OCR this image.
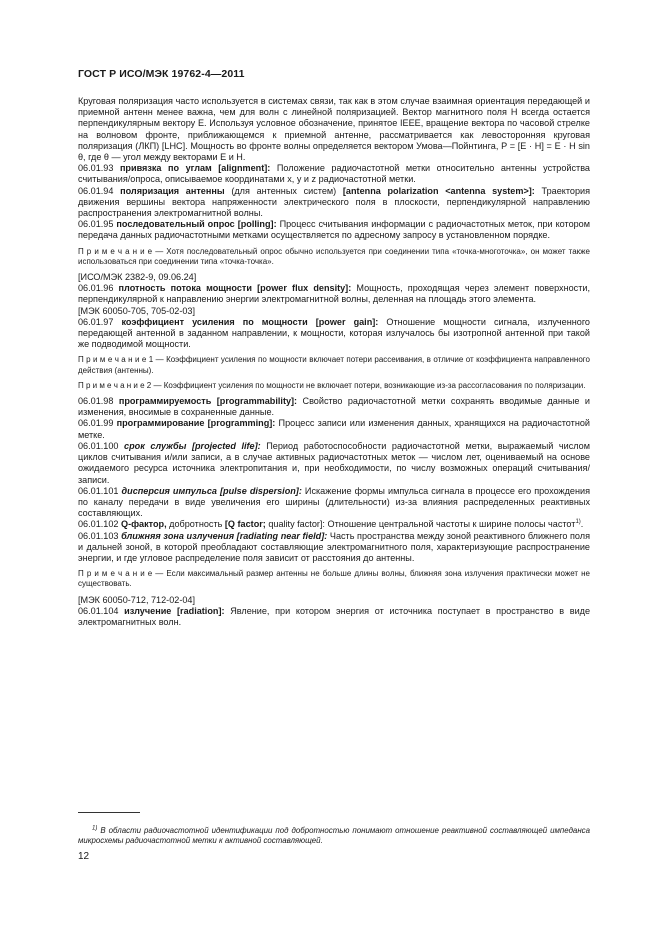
ГОСТ Р ИСО/МЭК 19762-4—2011

Круговая поляризация часто используется в системах связи, так как в этом случае взаимная ориентация передающей и приемной антенн менее важна, чем для волн с линейной поляризацией. Вектор магнитного поля H всегда остается перпендикулярным вектору E. Используя условное обозначение, принятое IEEE, вращение вектора по часовой стрелке на волновом фронте, приближающемся к приемной антенне, рассматривается как левосторонняя круговая поляризация (ЛКП) [LHC]. Мощность во фронте волны определяется вектором Умова—Пойнтинга, P = [E · H] = E · H sin θ, где θ — угол между векторами E и H.

06.01.93 привязка по углам [alignment]: Положение радиочастотной метки относительно антенны устройства считывания/опроса, описываемое координатами x, y и z радиочастотной метки.

06.01.94 поляризация антенны (для антенных систем) [antenna polarization <antenna system>]: Траектория движения вершины вектора напряженности электрического поля в плоскости, перпендикулярной направлению распространения электромагнитной волны.

06.01.95 последовательный опрос [polling]: Процесс считывания информации с радиочастотных меток, при котором передача данных радиочастотными метками осуществляется по адресному запросу в установленном порядке.

П р и м е ч а н и е — Хотя последовательный опрос обычно используется при соединении типа «точка-многоточка», он может также использоваться при соединении типа «точка-точка».

[ИСО/МЭК 2382-9, 09.06.24]

06.01.96 плотность потока мощности [power flux density]: Мощность, проходящая через элемент поверхности, перпендикулярной к направлению энергии электромагнитной волны, деленная на площадь этого элемента.

[МЭК 60050-705, 705-02-03]

06.01.97 коэффициент усиления по мощности [power gain]: Отношение мощности сигнала, излученного передающей антенной в заданном направлении, к мощности, которая излучалось бы изотропной антенной при такой же подводимой мощности.

П р и м е ч а н и е 1 — Коэффициент усиления по мощности включает потери рассеивания, в отличие от коэффициента направленного действия (антенны).

П р и м е ч а н и е 2 — Коэффициент усиления по мощности не включает потери, возникающие из-за рассогласования по поляризации.

06.01.98 программируемость [programmability]: Свойство радиочастотной метки сохранять вводимые данные и изменения, вносимые в сохраненные данные.

06.01.99 программирование [programming]: Процесс записи или изменения данных, хранящихся на радиочастотной метке.

06.01.100 срок службы [projected life]: Период работоспособности радиочастотной метки, выражаемый числом циклов считывания и/или записи, а в случае активных радиочастотных меток — числом лет, оцениваемый на основе ожидаемого ресурса источника электропитания и, при необходимости, по числу возможных операций считывания/записи.

06.01.101 дисперсия импульса [pulse dispersion]: Искажение формы импульса сигнала в процессе его прохождения по каналу передачи в виде увеличения его ширины (длительности) из-за влияния распределенных реактивных составляющих.

06.01.102 Q-фактор, добротность [Q factor; quality factor]: Отношение центральной частоты к ширине полосы частот$^{1)}$.

06.01.103 ближняя зона излучения [radiating near field]: Часть пространства между зоной реактивного ближнего поля и дальней зоной, в которой преобладают составляющие электромагнитного поля, характеризующие распространение энергии, и где угловое распределение поля зависит от расстояния до антенны.

П р и м е ч а н и е — Если максимальный размер антенны не больше длины волны, ближняя зона излучения практически может не существовать.

[МЭК 60050-712, 712-02-04]

06.01.104 излучение [radiation]: Явление, при котором энергия от источника поступает в пространство в виде электромагнитных волн.

$^{1)}$ В области радиочастотной идентификации под добротностью понимают отношение реактивной составляющей импеданса микросхемы радиочастотной метки к активной составляющей.

12
